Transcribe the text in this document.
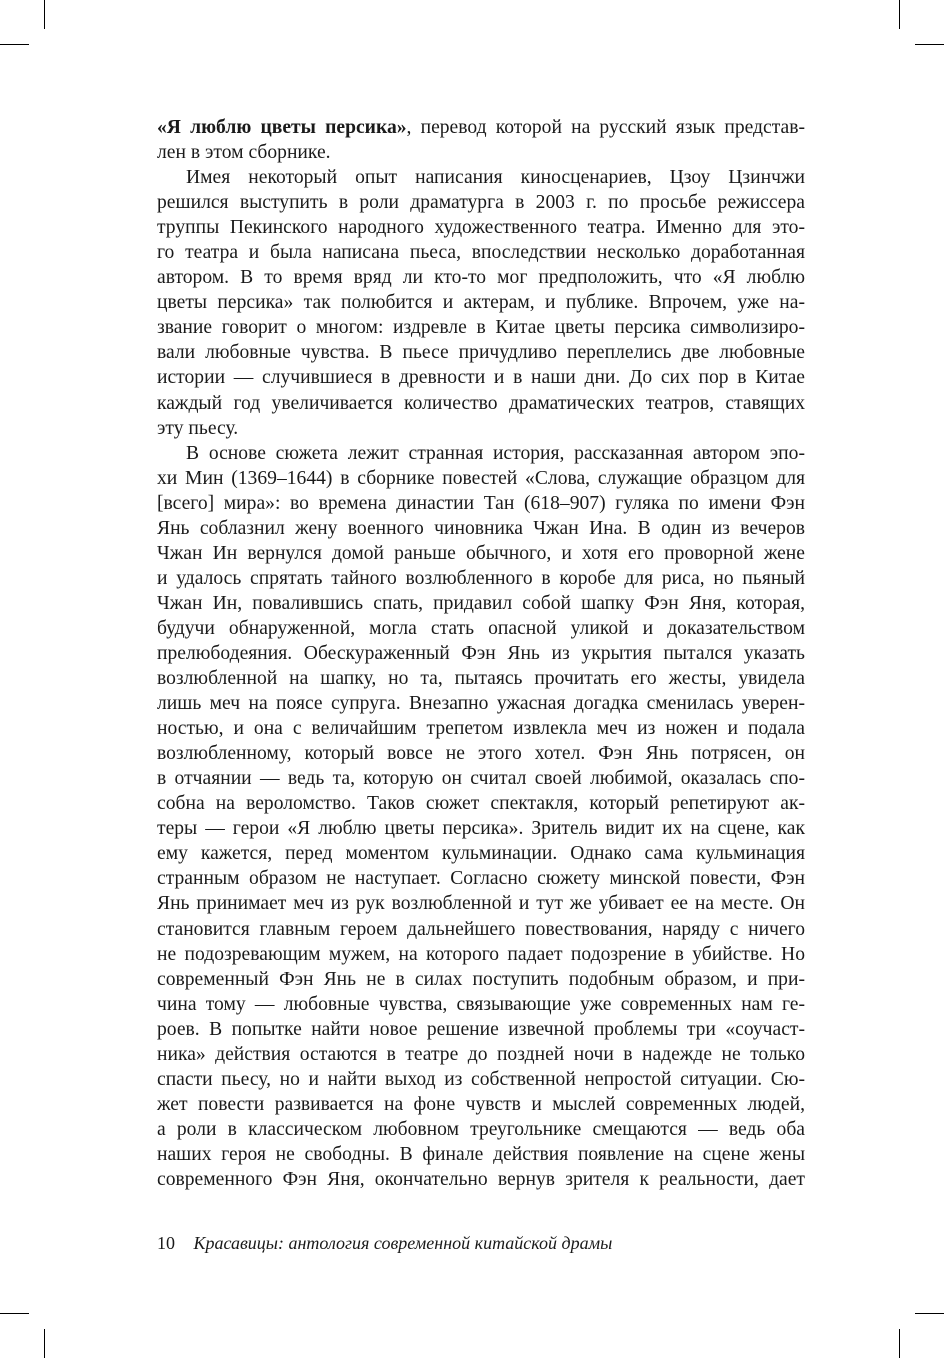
«Я люблю цветы персика», перевод которой на русский язык представ-
лен в этом сборнике.
Имея некоторый опыт написания киносценариев, Цзоу Цзинчжи
решился выступить в роли драматурга в 2003 г. по просьбе режиссера
труппы Пекинского народного художественного театра. Именно для это-
го театра и была написана пьеса, впоследствии несколько доработанная
автором. В то время вряд ли кто-то мог предположить, что «Я люблю
цветы персика» так полюбится и актерам, и публике. Впрочем, уже на-
звание говорит о многом: издревле в Китае цветы персика символизиро-
вали любовные чувства. В пьесе причудливо переплелись две любовные
истории — случившиеся в древности и в наши дни. До сих пор в Китае
каждый год увеличивается количество драматических театров, ставящих
эту пьесу.
В основе сюжета лежит странная история, рассказанная автором эпо-
хи Мин (1369–1644) в сборнике повестей «Слова, служащие образцом для
[всего] мира»: во времена династии Тан (618–907) гуляка по имени Фэн
Янь соблазнил жену военного чиновника Чжан Ина. В один из вечеров
Чжан Ин вернулся домой раньше обычного, и хотя его проворной жене
и удалось спрятать тайного возлюбленного в коробе для риса, но пьяный
Чжан Ин, повалившись спать, придавил собой шапку Фэн Яня, которая,
будучи обнаруженной, могла стать опасной уликой и доказательством
прелюбодеяния. Обескураженный Фэн Янь из укрытия пытался указать
возлюбленной на шапку, но та, пытаясь прочитать его жесты, увидела
лишь меч на поясе супруга. Внезапно ужасная догадка сменилась уверен-
ностью, и она с величайшим трепетом извлекла меч из ножен и подала
возлюбленному, который вовсе не этого хотел. Фэн Янь потрясен, он
в отчаянии — ведь та, которую он считал своей любимой, оказалась спо-
собна на вероломство. Таков сюжет спектакля, который репетируют ак-
теры — герои «Я люблю цветы персика». Зритель видит их на сцене, как
ему кажется, перед моментом кульминации. Однако сама кульминация
странным образом не наступает. Согласно сюжету минской повести, Фэн
Янь принимает меч из рук возлюбленной и тут же убивает ее на месте. Он
становится главным героем дальнейшего повествования, наряду с ничего
не подозревающим мужем, на которого падает подозрение в убийстве. Но
современный Фэн Янь не в силах поступить подобным образом, и при-
чина тому — любовные чувства, связывающие уже современных нам ге-
роев. В попытке найти новое решение извечной проблемы три «соучаст-
ника» действия остаются в театре до поздней ночи в надежде не только
спасти пьесу, но и найти выход из собственной непростой ситуации. Сю-
жет повести развивается на фоне чувств и мыслей современных людей,
а роли в классическом любовном треугольнике смещаются — ведь оба
наших героя не свободны. В финале действия появление на сцене жены
современного Фэн Яня, окончательно вернув зрителя к реальности, дает
10 Красавицы: антология современной китайской драмы
